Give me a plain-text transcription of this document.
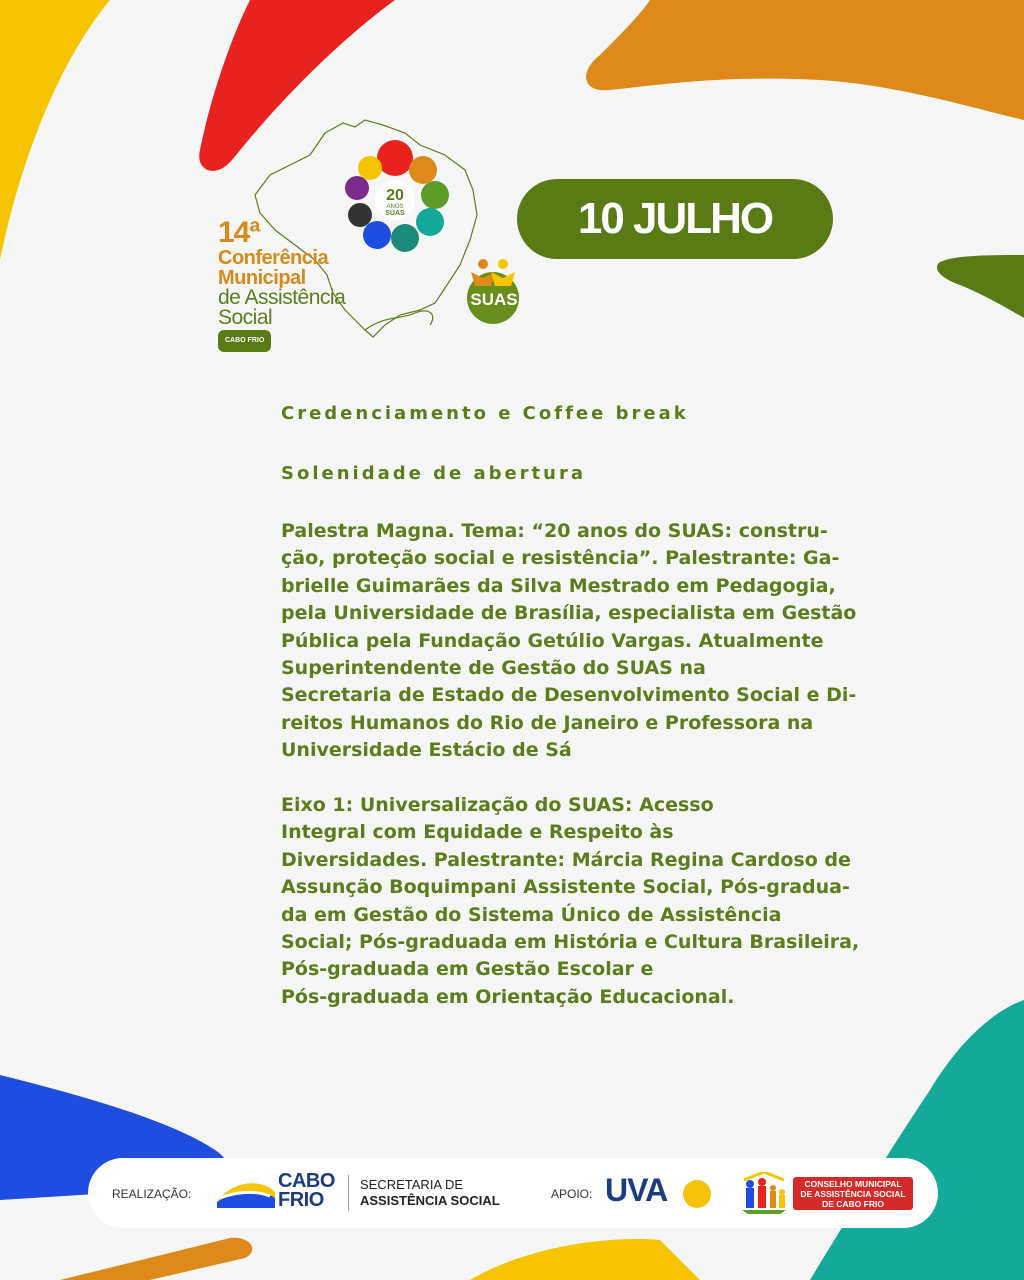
20
ANOS
SUAS
14ª
Conferência
Municipal
de Assistência
Social
CABO FRIO
SUAS
10 JULHO
Credenciamento e Coffee break
Solenidade de abertura
Palestra Magna. Tema: “20 anos do SUAS: constru-
ção, proteção social e resistência”. Palestrante: Ga-
brielle Guimarães da Silva Mestrado em Pedagogia,
pela Universidade de Brasília, especialista em Gestão
Pública pela Fundação Getúlio Vargas. Atualmente
Superintendente de Gestão do SUAS na
Secretaria de Estado de Desenvolvimento Social e Di-
reitos Humanos do Rio de Janeiro e Professora na
Universidade Estácio de Sá
Eixo 1: Universalização do SUAS: Acesso
Integral com Equidade e Respeito às
Diversidades. Palestrante: Márcia Regina Cardoso de
Assunção Boquimpani Assistente Social, Pós-gradua-
da em Gestão do Sistema Único de Assistência
Social; Pós-graduada em História e Cultura Brasileira,
Pós-graduada em Gestão Escolar e
Pós-graduada em Orientação Educacional.
REALIZAÇÃO:
CABO
FRIO
SECRETARIA DE
ASSISTÊNCIA SOCIAL	APOIO: UVA	CONSELHO MUNICIPAL
DE ASSISTÊNCIA SOCIAL
DE CABO FRIO
